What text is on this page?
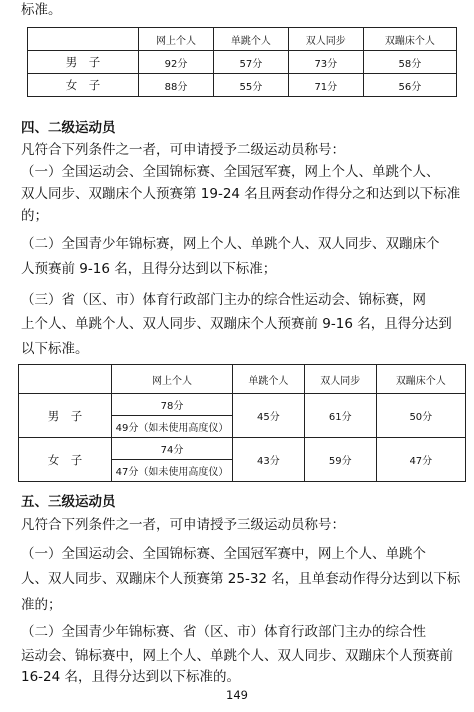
标准。
	网上个人	单跳个人	双人同步	双蹦床个人
男　子	92分	57分	73分	58分
女　子	88分	55分	71分	56分
四、二级运动员
凡符合下列条件之一者，可申请授予二级运动员称号：
（一）全国运动会、全国锦标赛、全国冠军赛，网上个人、单跳个人、
双人同步、双蹦床个人预赛第 19-24 名且两套动作得分之和达到以下标准
的；
（二）全国青少年锦标赛，网上个人、单跳个人、双人同步、双蹦床个
人预赛前 9-16 名，且得分达到以下标准；
（三）省（区、市）体育行政部门主办的综合性运动会、锦标赛，网
上个人、单跳个人、双人同步、双蹦床个人预赛前 9-16 名，且得分达到
以下标准。
	网上个人	单跳个人	双人同步	双蹦床个人
男　子	78分	45分	61分	50分
	49分（如未使用高度仪）			
女　子	74分	43分	59分	47分
	47分（如未使用高度仪）			
五、三级运动员
凡符合下列条件之一者，可申请授予三级运动员称号：
（一）全国运动会、全国锦标赛、全国冠军赛中，网上个人、单跳个
人、双人同步、双蹦床个人预赛第 25-32 名，且单套动作得分达到以下标
准的；
（二）全国青少年锦标赛、省（区、市）体育行政部门主办的综合性
运动会、锦标赛中，网上个人、单跳个人、双人同步、双蹦床个人预赛前
16-24 名，且得分达到以下标准的。
149
